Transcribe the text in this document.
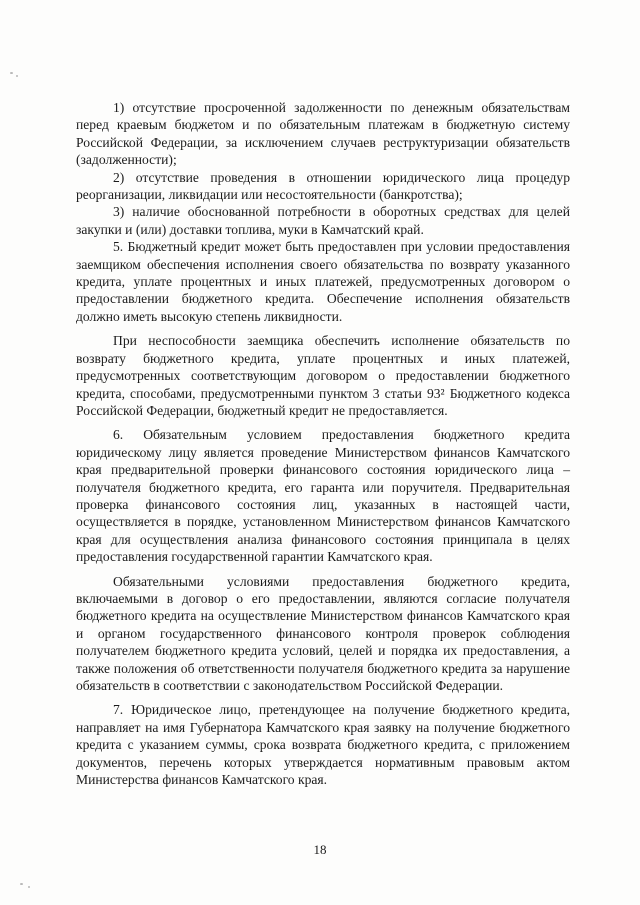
1) отсутствие просроченной задолженности по денежным обязательствам перед краевым бюджетом и по обязательным платежам в бюджетную систему Российской Федерации, за исключением случаев реструктуризации обязательств (задолженности);

2) отсутствие проведения в отношении юридического лица процедур реорганизации, ликвидации или несостоятельности (банкротства);

3) наличие обоснованной потребности в оборотных средствах для целей закупки и (или) доставки топлива, муки в Камчатский край.

5. Бюджетный кредит может быть предоставлен при условии предоставления заемщиком обеспечения исполнения своего обязательства по возврату указанного кредита, уплате процентных и иных платежей, предусмотренных договором о предоставлении бюджетного кредита. Обеспечение исполнения обязательств должно иметь высокую степень ликвидности.

При неспособности заемщика обеспечить исполнение обязательств по возврату бюджетного кредита, уплате процентных и иных платежей, предусмотренных соответствующим договором о предоставлении бюджетного кредита, способами, предусмотренными пунктом 3 статьи 93² Бюджетного кодекса Российской Федерации, бюджетный кредит не предоставляется.

6. Обязательным условием предоставления бюджетного кредита юридическому лицу является проведение Министерством финансов Камчатского края предварительной проверки финансового состояния юридического лица – получателя бюджетного кредита, его гаранта или поручителя. Предварительная проверка финансового состояния лиц, указанных в настоящей части, осуществляется в порядке, установленном Министерством финансов Камчатского края для осуществления анализа финансового состояния принципала в целях предоставления государственной гарантии Камчатского края.

Обязательными условиями предоставления бюджетного кредита, включаемыми в договор о его предоставлении, являются согласие получателя бюджетного кредита на осуществление Министерством финансов Камчатского края и органом государственного финансового контроля проверок соблюдения получателем бюджетного кредита условий, целей и порядка их предоставления, а также положения об ответственности получателя бюджетного кредита за нарушение обязательств в соответствии с законодательством Российской Федерации.

7. Юридическое лицо, претендующее на получение бюджетного кредита, направляет на имя Губернатора Камчатского края заявку на получение бюджетного кредита с указанием суммы, срока возврата бюджетного кредита, с приложением документов, перечень которых утверждается нормативным правовым актом Министерства финансов Камчатского края.

18
